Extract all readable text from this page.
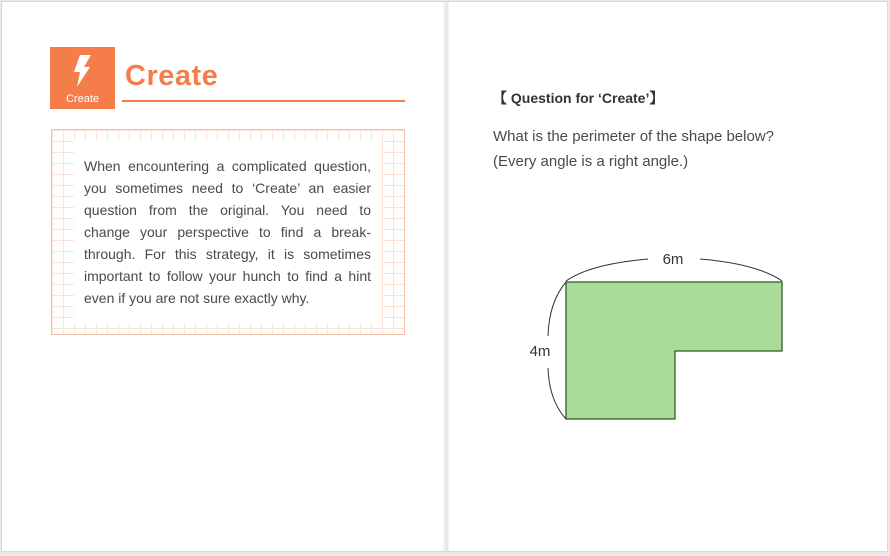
Create
Create
When encountering a complicated question, you sometimes need to ‘Create’ an easier question from the original. You need to change your perspective to find a break-through. For this strategy, it is sometimes important to follow your hunch to find a hint even if you are not sure exactly why.
【 Question for ‘Create’】
What is the perimeter of the shape below?
(Every angle is a right angle.)
6m
4m
